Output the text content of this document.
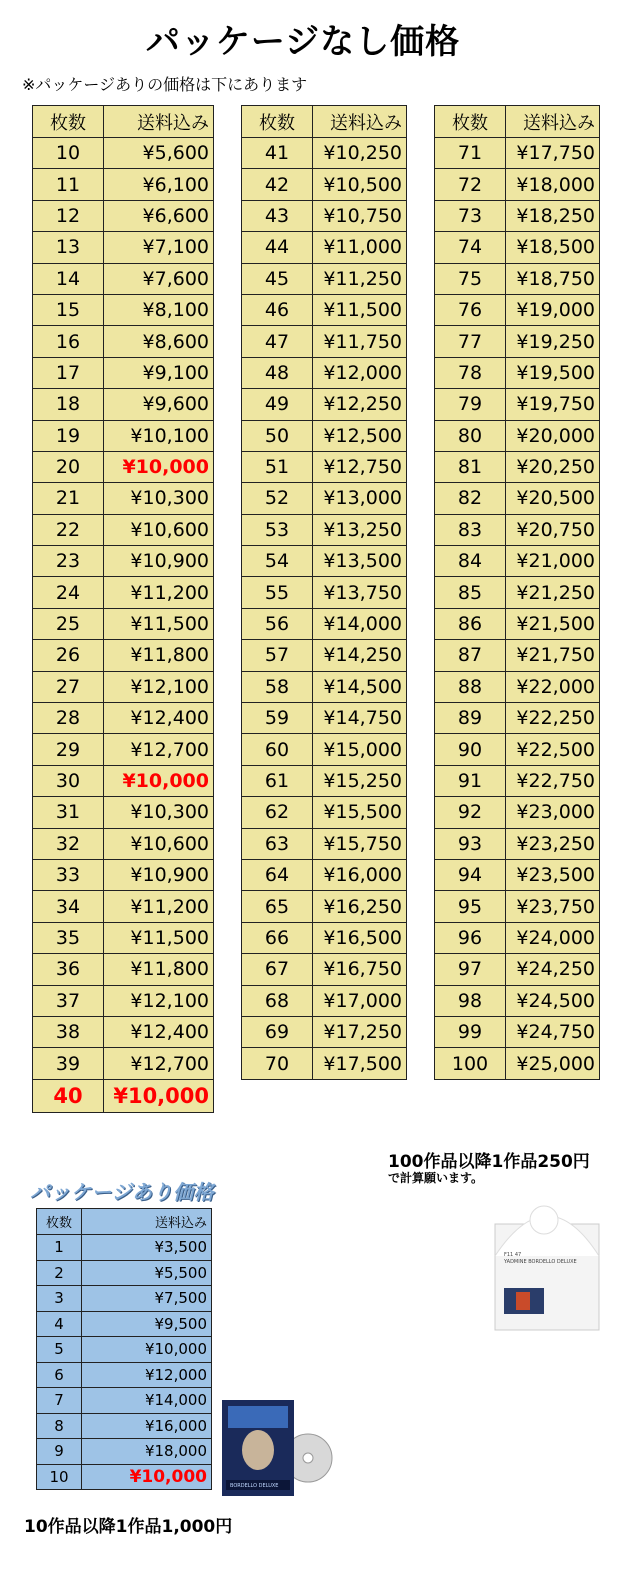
パッケージなし価格
※パッケージありの価格は下にあります
枚数	送料込み
10	¥5,600
11	¥6,100
12	¥6,600
13	¥7,100
14	¥7,600
15	¥8,100
16	¥8,600
17	¥9,100
18	¥9,600
19	¥10,100
20	¥10,000
21	¥10,300
22	¥10,600
23	¥10,900
24	¥11,200
25	¥11,500
26	¥11,800
27	¥12,100
28	¥12,400
29	¥12,700
30	¥10,000
31	¥10,300
32	¥10,600
33	¥10,900
34	¥11,200
35	¥11,500
36	¥11,800
37	¥12,100
38	¥12,400
39	¥12,700
40	¥10,000
枚数	送料込み
41	¥10,250
42	¥10,500
43	¥10,750
44	¥11,000
45	¥11,250
46	¥11,500
47	¥11,750
48	¥12,000
49	¥12,250
50	¥12,500
51	¥12,750
52	¥13,000
53	¥13,250
54	¥13,500
55	¥13,750
56	¥14,000
57	¥14,250
58	¥14,500
59	¥14,750
60	¥15,000
61	¥15,250
62	¥15,500
63	¥15,750
64	¥16,000
65	¥16,250
66	¥16,500
67	¥16,750
68	¥17,000
69	¥17,250
70	¥17,500
枚数	送料込み
71	¥17,750
72	¥18,000
73	¥18,250
74	¥18,500
75	¥18,750
76	¥19,000
77	¥19,250
78	¥19,500
79	¥19,750
80	¥20,000
81	¥20,250
82	¥20,500
83	¥20,750
84	¥21,000
85	¥21,250
86	¥21,500
87	¥21,750
88	¥22,000
89	¥22,250
90	¥22,500
91	¥22,750
92	¥23,000
93	¥23,250
94	¥23,500
95	¥23,750
96	¥24,000
97	¥24,250
98	¥24,500
99	¥24,750
100	¥25,000
100作品以降1作品250円
で計算願います。
F11 47
YADMINE BORDELLO DELUXE
パッケージあり価格
枚数	送料込み
1	¥3,500
2	¥5,500
3	¥7,500
4	¥9,500
5	¥10,000
6	¥12,000
7	¥14,000
8	¥16,000
9	¥18,000
10	¥10,000	BORDELLO DELUXE
10作品以降1作品1,000円
